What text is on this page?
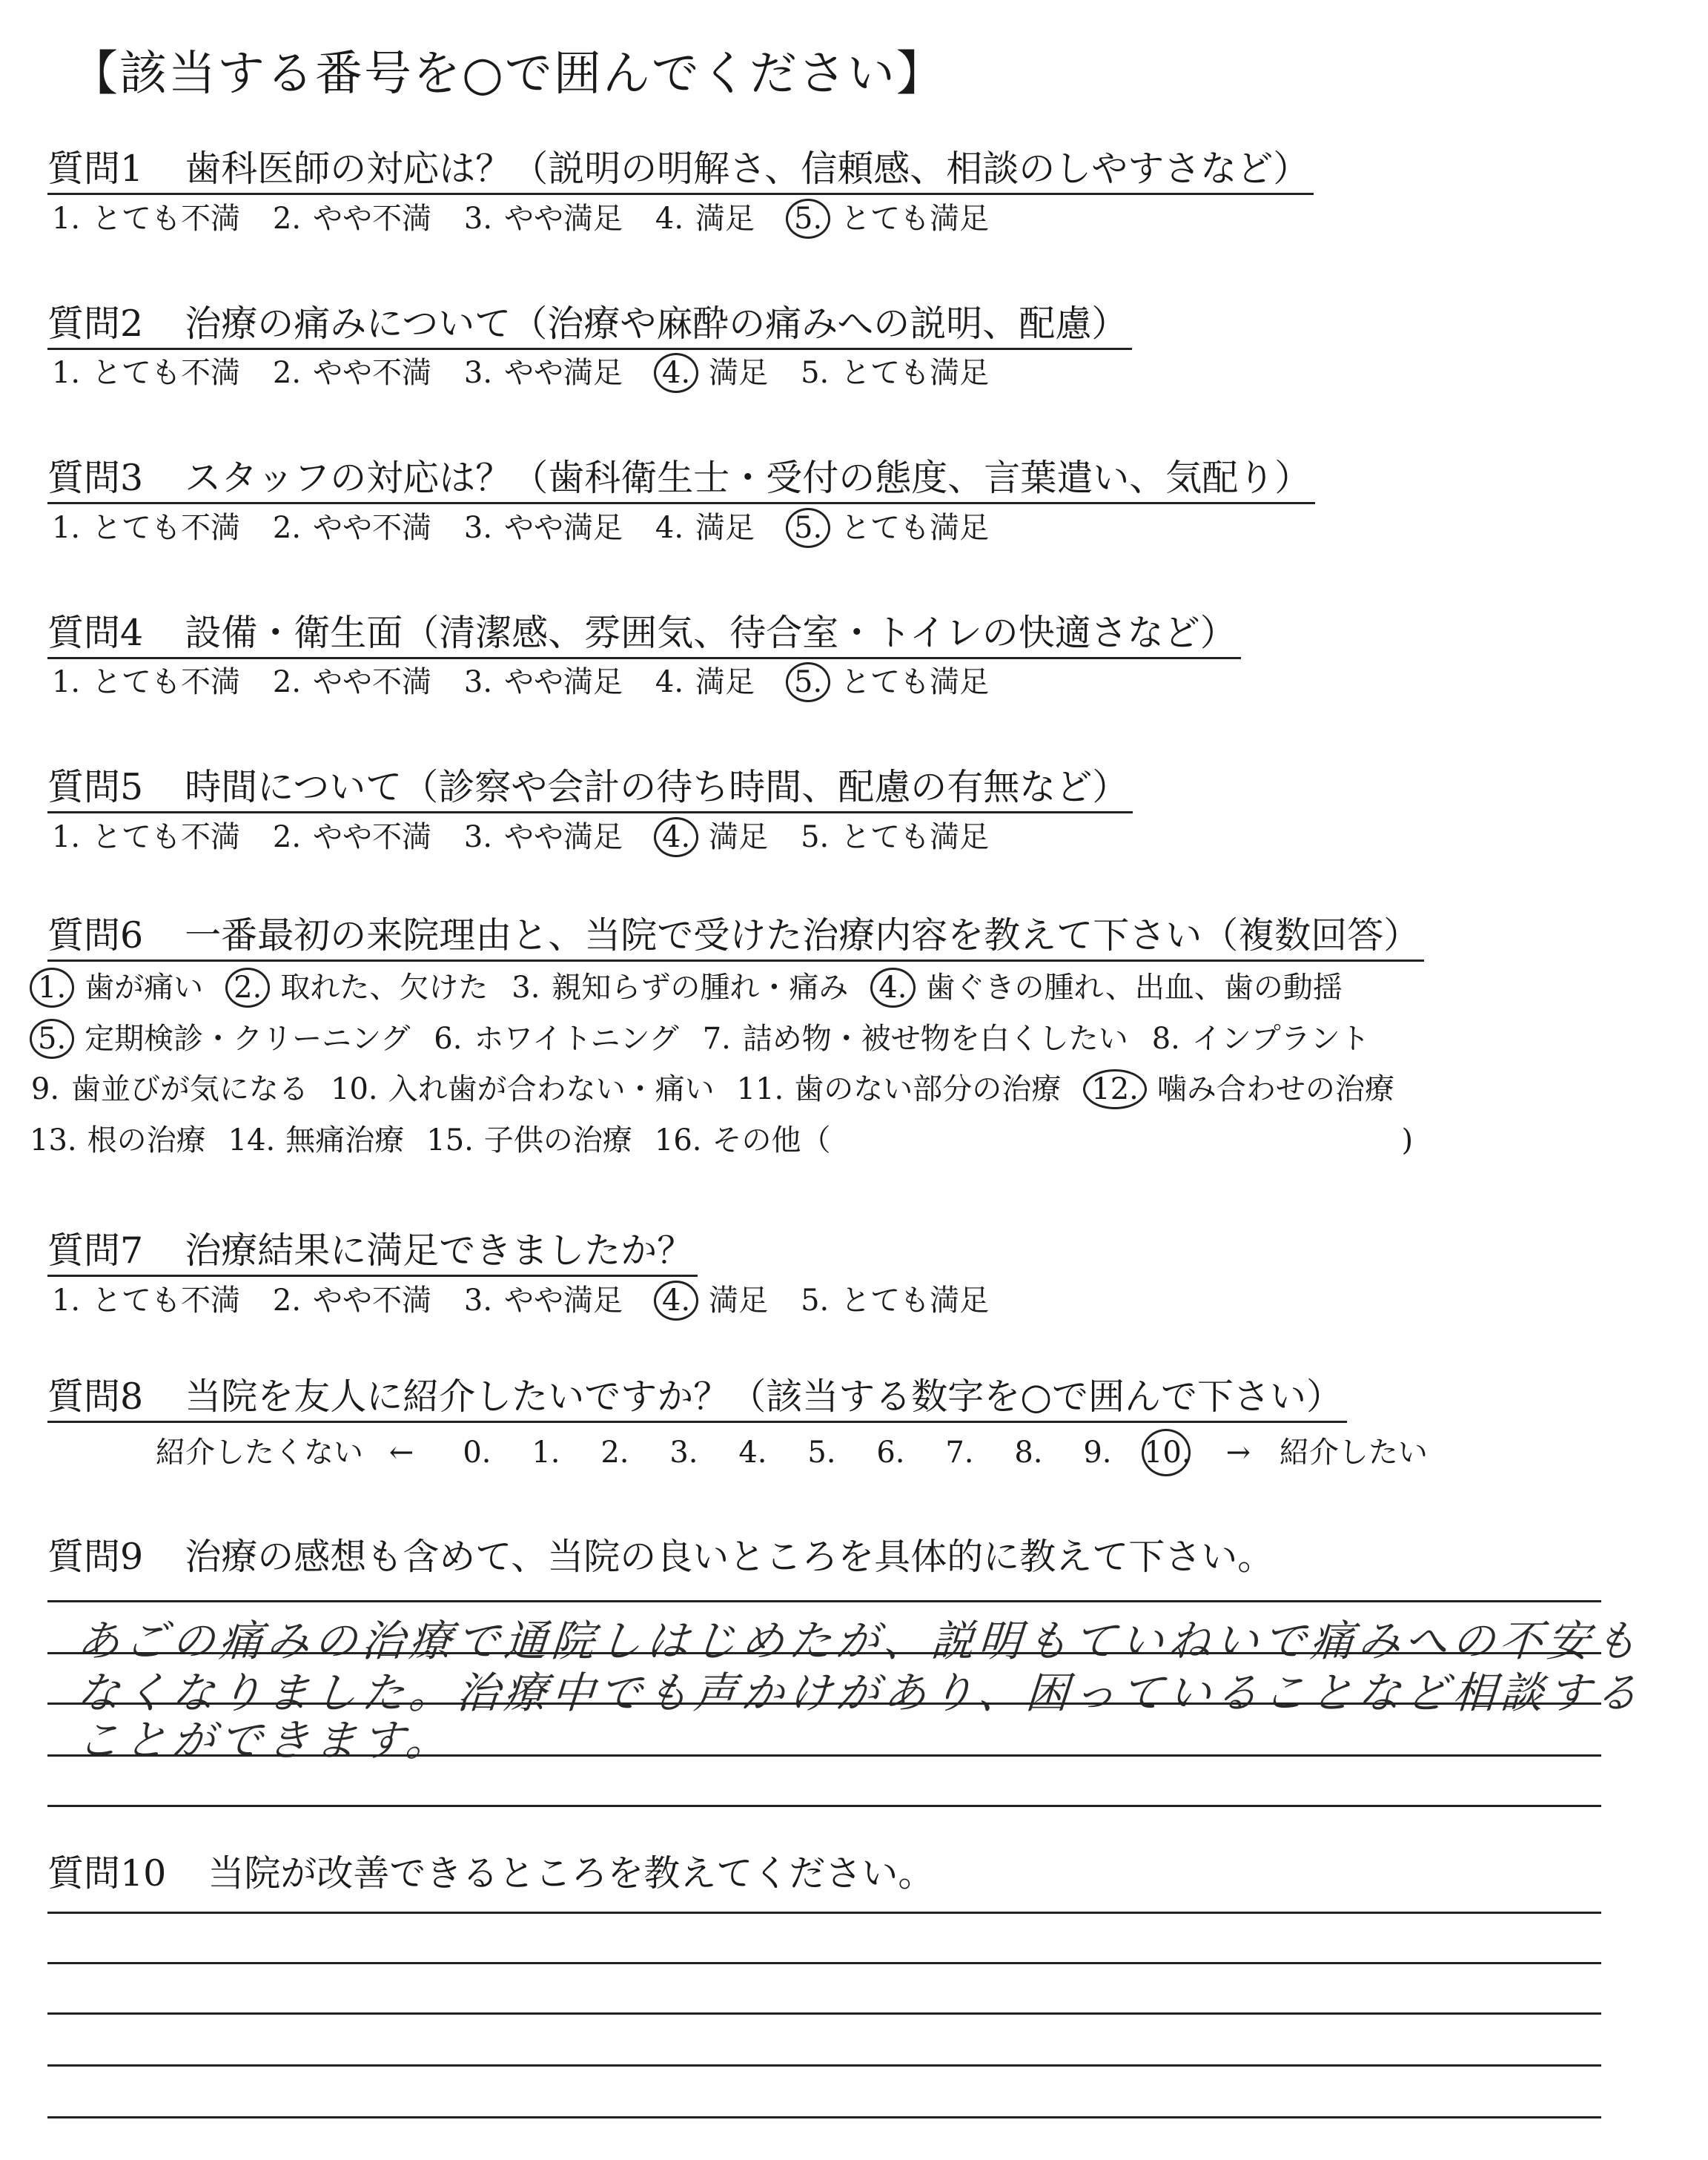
【該当する番号を○で囲んでください】
質問1 歯科医師の対応は？（説明の明解さ、信頼感、相談のしやすさなど）
1. とても不満 2. やや不満 3. やや満足 4. 満足 5. とても満足
質問2 治療の痛みについて（治療や麻酔の痛みへの説明、配慮）
1. とても不満 2. やや不満 3. やや満足 4. 満足 5. とても満足
質問3 スタッフの対応は？（歯科衛生士・受付の態度、言葉遣い、気配り）
1. とても不満 2. やや不満 3. やや満足 4. 満足 5. とても満足
質問4 設備・衛生面（清潔感、雰囲気、待合室・トイレの快適さなど）
1. とても不満 2. やや不満 3. やや満足 4. 満足 5. とても満足
質問5 時間について（診察や会計の待ち時間、配慮の有無など）
1. とても不満 2. やや不満 3. やや満足 4. 満足 5. とても満足
質問7 治療結果に満足できましたか？
1. とても不満 2. やや不満 3. やや満足 4. 満足 5. とても満足
質問6 一番最初の来院理由と、当院で受けた治療内容を教えて下さい（複数回答）
1. 歯が痛い 2. 取れた、欠けた 3. 親知らずの腫れ・痛み 4. 歯ぐきの腫れ、出血、歯の動揺
5. 定期検診・クリーニング 6. ホワイトニング 7. 詰め物・被せ物を白くしたい 8. インプラント
9. 歯並びが気になる 10. 入れ歯が合わない・痛い 11. 歯のない部分の治療 12. 噛み合わせの治療
13. 根の治療 14. 無痛治療 15. 子供の治療 16. その他（	)
質問8 当院を友人に紹介したいですか？（該当する数字を○で囲んで下さい）
紹介したくない ← 0. 1. 2. 3. 4. 5. 6. 7. 8. 9. 10. → 紹介したい
質問9 治療の感想も含めて、当院の良いところを具体的に教えて下さい。
あごの痛みの治療で通院しはじめたが、説明もていねいで痛みへの不安も
なくなりました。治療中でも声かけがあり、困っていることなど相談する
ことができます。
質問10 当院が改善できるところを教えてください。
